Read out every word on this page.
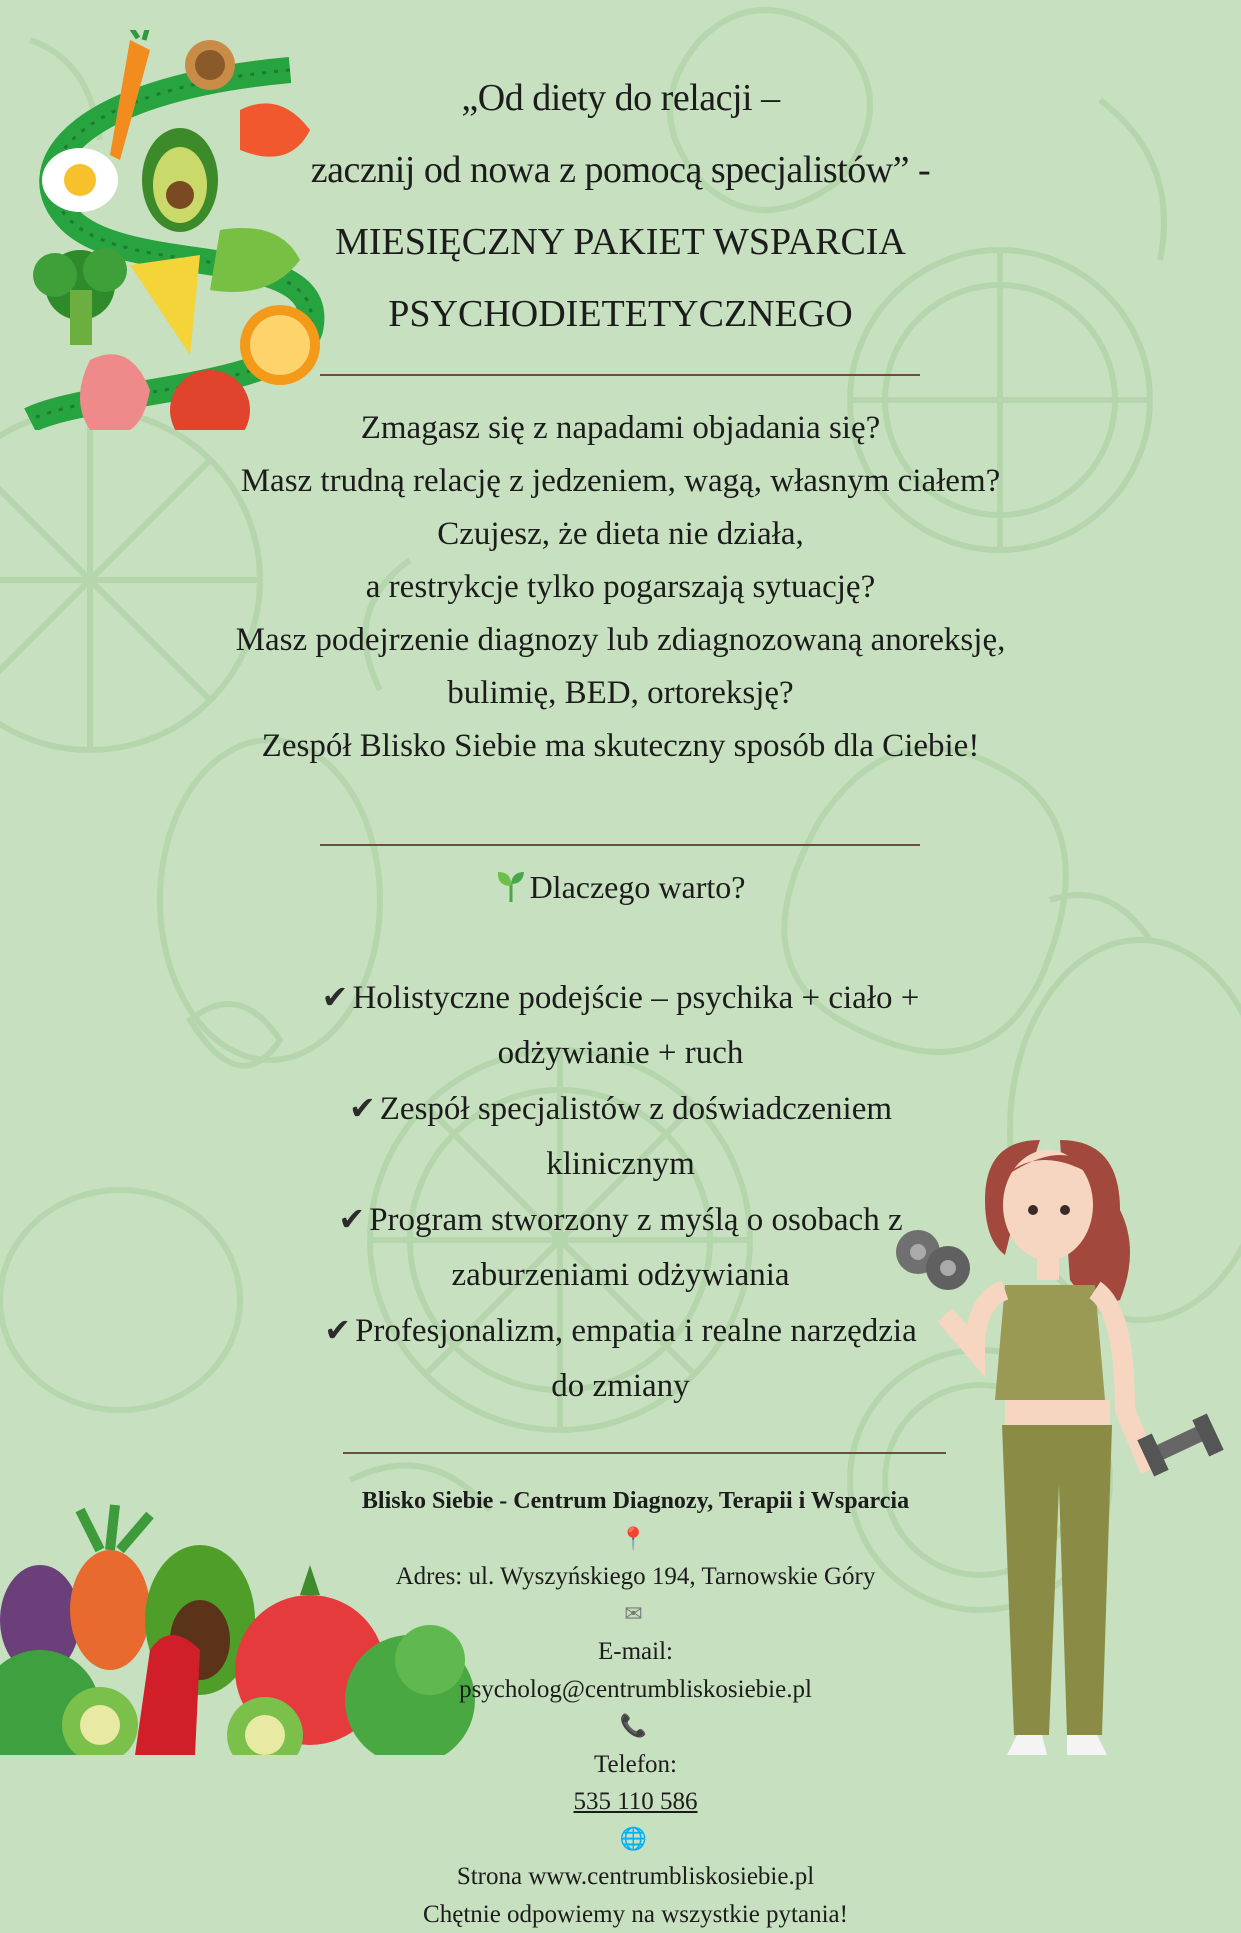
„Od diety do relacji –
zacznij od nowa z pomocą specjalistów” -
MIESIĘCZNY PAKIET WSPARCIA
PSYCHODIETETYCZNEGO
Zmagasz się z napadami objadania się?
Masz trudną relację z jedzeniem, wagą, własnym ciałem?
Czujesz, że dieta nie działa,
a restrykcje tylko pogarszają sytuację?
Masz podejrzenie diagnozy lub zdiagnozowaną anoreksję,
bulimię, BED, ortoreksję?
Zespół Blisko Siebie ma skuteczny sposób dla Ciebie!
Dlaczego warto?
✔ Holistyczne podejście – psychika + ciało +
odżywianie + ruch
✔ Zespół specjalistów z doświadczeniem
klinicznym
✔ Program stworzony z myślą o osobach z
zaburzeniami odżywiania
✔ Profesjonalizm, empatia i realne narzędzia
do zmiany
Blisko Siebie - Centrum Diagnozy, Terapii i Wsparcia
📍
Adres: ul. Wyszyńskiego 194, Tarnowskie Góry
✉
E-mail:
psycholog@centrumbliskosiebie.pl
📞
Telefon:
535 110 586
🌐
Strona www.centrumbliskosiebie.pl
Chętnie odpowiemy na wszystkie pytania!
